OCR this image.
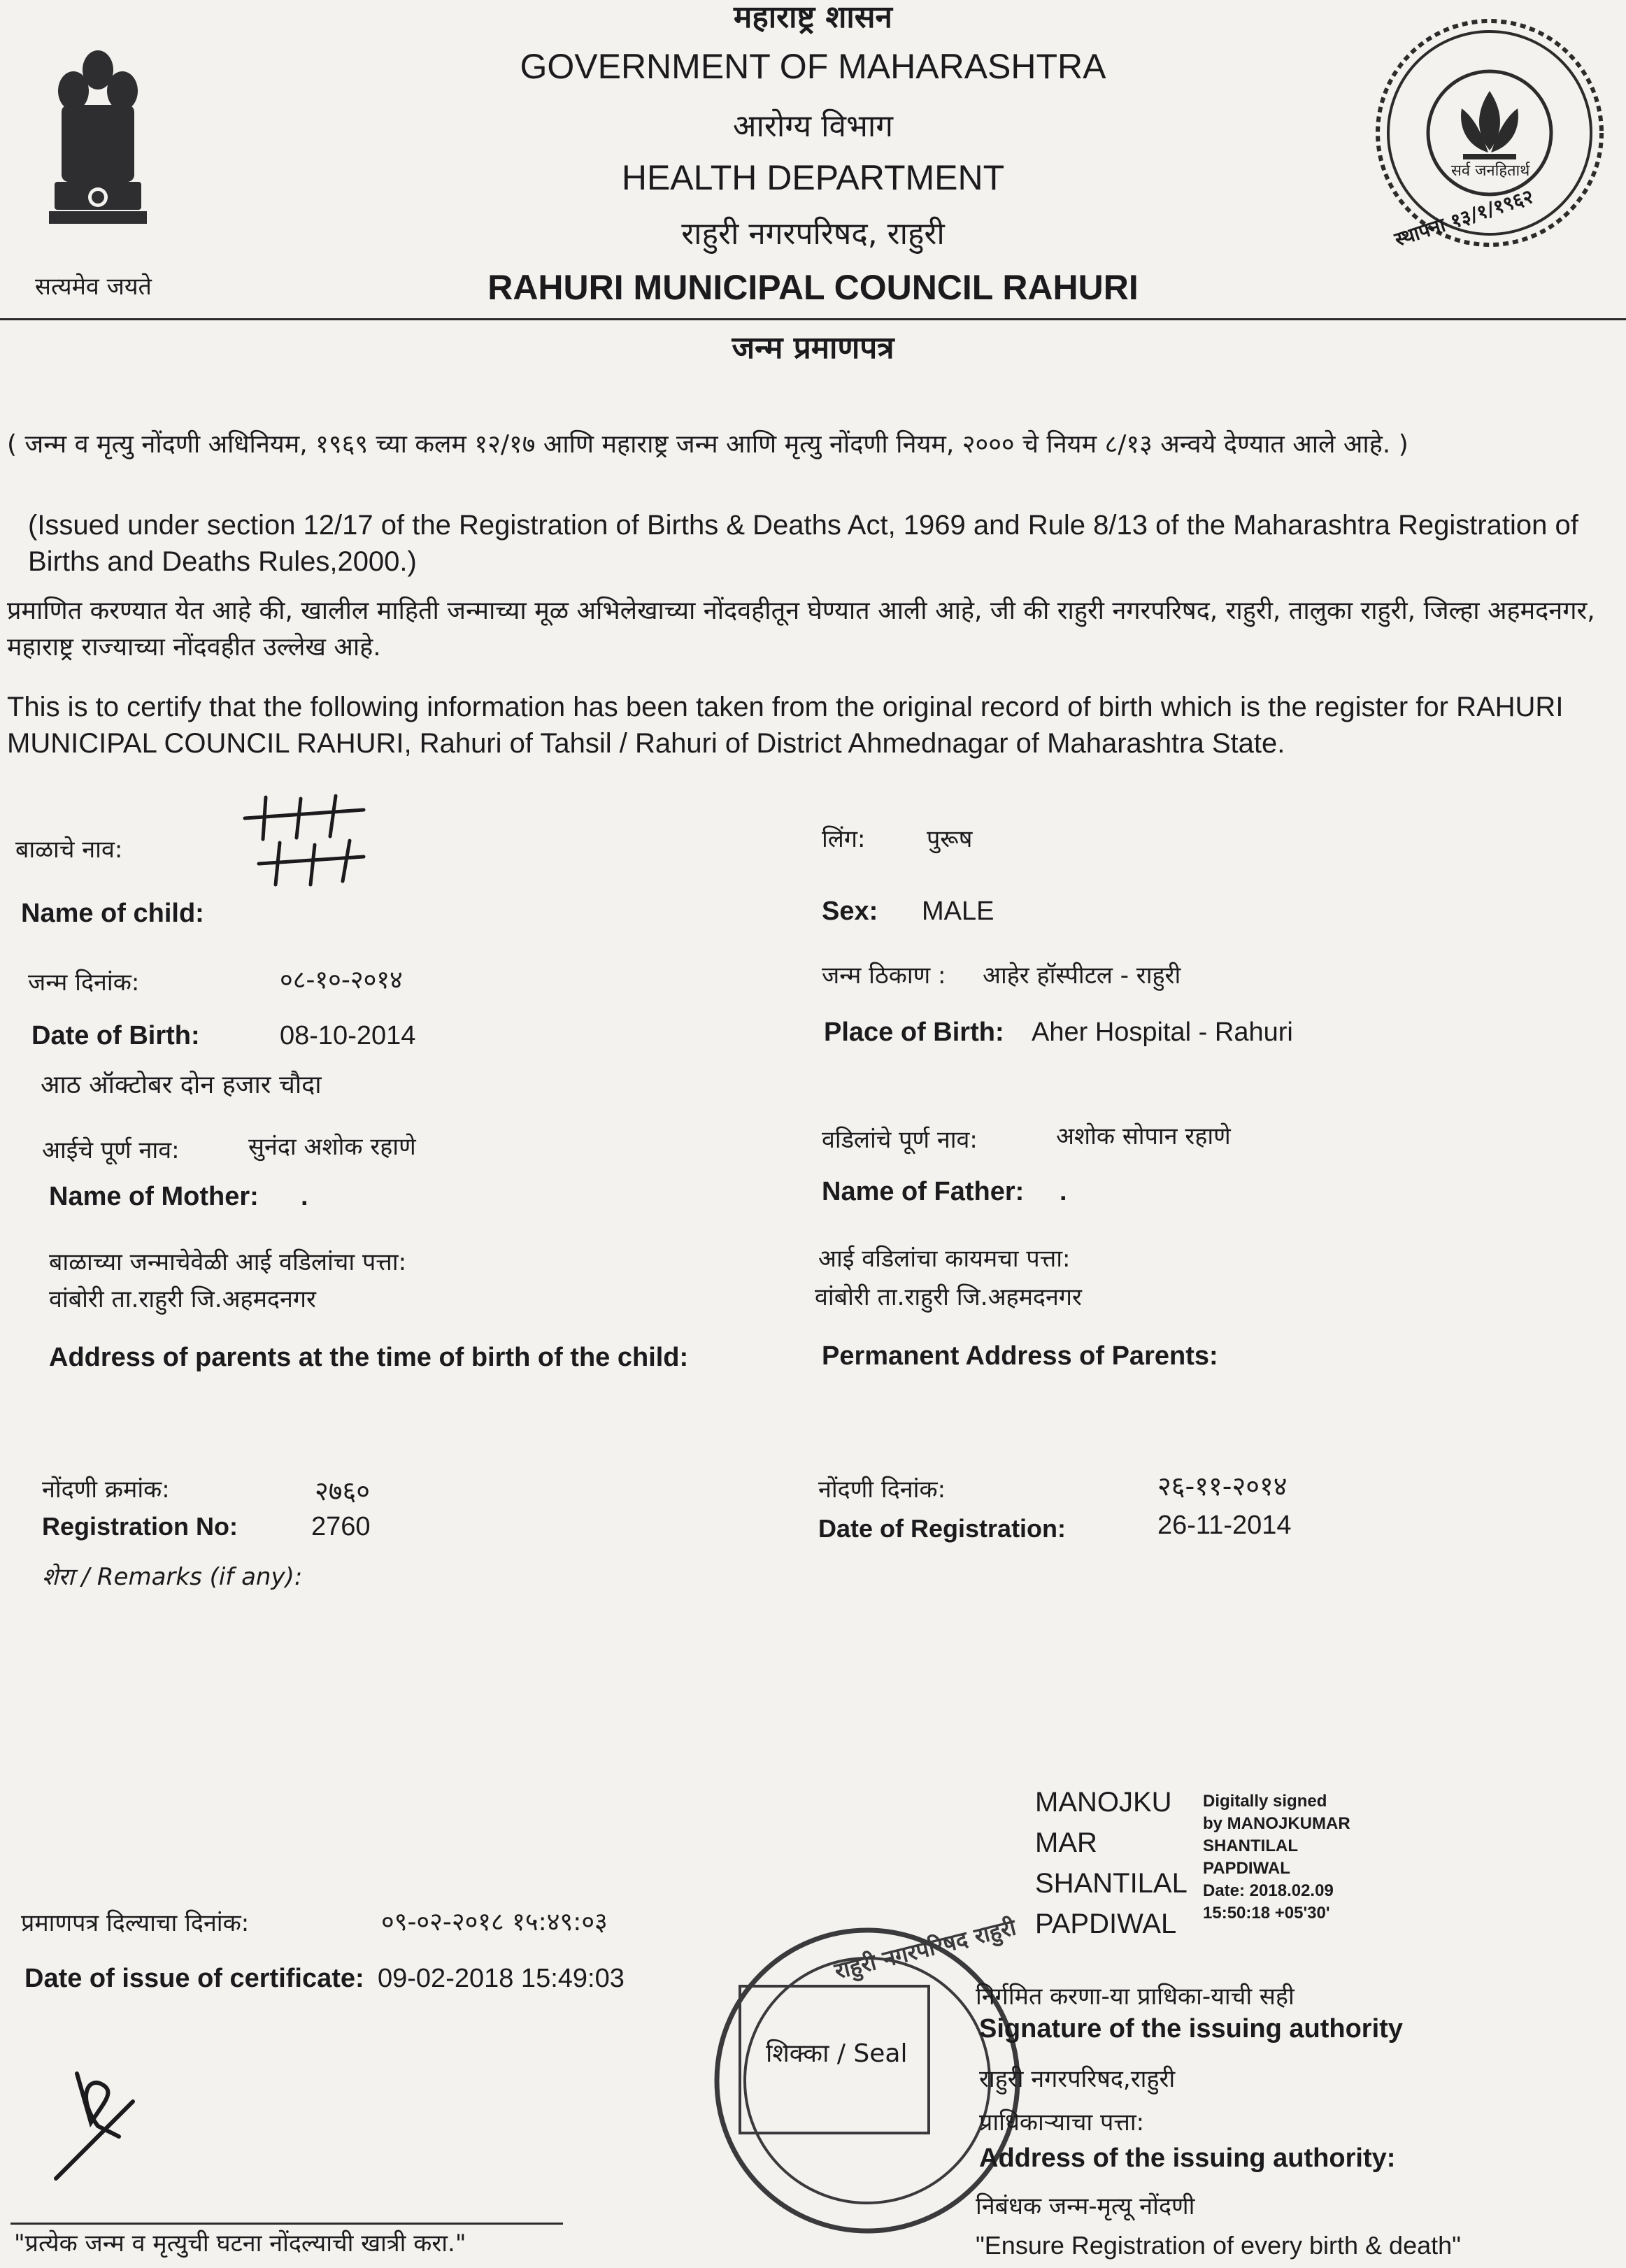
सत्यमेव जयते
सर्व जनहितार्थ
स्थापना १३/१/१९६२
महाराष्ट्र शासन
GOVERNMENT OF MAHARASHTRA
आरोग्य विभाग
HEALTH DEPARTMENT
राहुरी नगरपरिषद, राहुरी
RAHURI MUNICIPAL COUNCIL RAHURI
जन्म प्रमाणपत्र
( जन्म व मृत्यु नोंदणी अधिनियम, १९६९ च्या कलम १२/१७ आणि महाराष्ट्र जन्म आणि मृत्यु नोंदणी नियम, २००० चे नियम ८/१३ अन्वये देण्यात आले आहे. )
(Issued under section 12/17 of the Registration of Births & Deaths Act, 1969 and Rule 8/13 of the Maharashtra Registration of Births and Deaths Rules,2000.)
प्रमाणित करण्यात येत आहे की, खालील माहिती जन्माच्या मूळ अभिलेखाच्या नोंदवहीतून घेण्यात आली आहे, जी की राहुरी नगरपरिषद, राहुरी, तालुका राहुरी, जिल्हा अहमदनगर, महाराष्ट्र राज्याच्या नोंदवहीत उल्लेख आहे.
This is to certify that the following information has been taken from the original record of birth which is the register for RAHURI MUNICIPAL COUNCIL RAHURI, Rahuri of Tahsil / Rahuri of District Ahmednagar of Maharashtra State.
बाळाचे नाव:
Name of child:
लिंग:	पुरूष
Sex: MALE
जन्म दिनांक:	०८-१०-२०१४
Date of Birth:	08-10-2014
आठ ऑक्टोबर दोन हजार चौदा
जन्म ठिकाण : आहेर हॉस्पीटल - राहुरी
Place of Birth: Aher Hospital - Rahuri
आईचे पूर्ण नाव:	सुनंदा अशोक रहाणे
Name of Mother: .
वडिलांचे पूर्ण नाव:	अशोक सोपान रहाणे
Name of Father: .
बाळाच्या जन्माचेवेळी आई वडिलांचा पत्ता:
वांबोरी ता.राहुरी जि.अहमदनगर
Address of parents at the time of birth of the child:
आई वडिलांचा कायमचा पत्ता:
वांबोरी ता.राहुरी जि.अहमदनगर
Permanent Address of Parents:
नोंदणी क्रमांक:	२७६०
Registration No:	2760
नोंदणी दिनांक:	२६-११-२०१४
Date of Registration:	26-11-2014
शेरा / Remarks (if any):
MANOJKU
MAR
SHANTILAL
PAPDIWAL
Digitally signed
by MANOJKUMAR
SHANTILAL
PAPDIWAL
Date: 2018.02.09
15:50:18 +05'30'
प्रमाणपत्र दिल्याचा दिनांक:	०९-०२-२०१८ १५:४९:०३
Date of issue of certificate: 09-02-2018 15:49:03	राहुरी नगरपरिषद राहुरी
शिक्का / Seal
निर्गमित करणा-या प्राधिका-याची सही
Signature of the issuing authority
राहुरी नगरपरिषद,राहुरी
प्राधिकाऱ्याचा पत्ता:
Address of the issuing authority:
निबंधक जन्म-मृत्यू नोंदणी
"प्रत्येक जन्म व मृत्युची घटना नोंदल्याची खात्री करा."	"Ensure Registration of every birth & death"
